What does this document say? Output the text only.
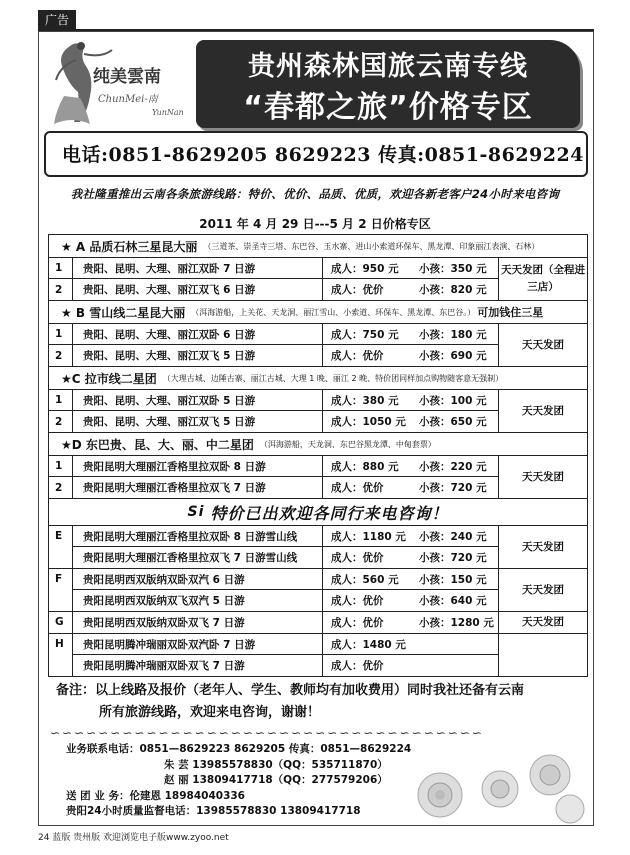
广告
纯美雲南
ChunMei-南
YunNan
贵州森林国旅云南专线
“春都之旅”价格专区
电话:0851-8629205 8629223 传真:0851-8629224
我社隆重推出云南各条旅游线路：特价、优价、品质、优质，欢迎各新老客户24小时来电咨询
2011 年 4 月 29 日---5 月 2 日价格专区
★ A 品质石林三星昆大丽 （三道茶、崇圣寺三塔、东巴谷、玉水寨、进山小索道环保车、黑龙潭、印象丽江表演、石林）
1	贵阳、昆明、大理、丽江双卧 7 日游	成人：950 元	小孩：350 元
2	贵阳、昆明、大理、丽江双飞 6 日游	成人：优价	小孩：820 元
天天发团（全程进三店）
★ B 雪山线二星昆大丽 （洱海游船，上关花、天龙洞、丽江雪山、小索道、环保车、黑龙潭、东巴谷。） 可加钱住三星
1	贵阳、昆明、大理、丽江双卧 6 日游	成人：750 元	小孩：180 元
2	贵阳、昆明、大理、丽江双飞 5 日游	成人：优价	小孩：690 元
天天发团
★C 拉市线二星团 （大理古城、边陲古寨、丽江古城、大理 1 晚、丽江 2 晚、特价团同样加点购物随客意无强制）
1	贵阳、昆明、大理、丽江双卧 5 日游	成人：380 元	小孩：100 元
2	贵阳、昆明、大理、丽江双飞 5 日游	成人：1050 元	小孩：650 元
天天发团
★D 东巴贵、昆、大、丽、中二星团 （洱海游船，天龙洞、东巴谷黑龙潭、中甸套票）
1	贵阳昆明大理丽江香格里拉双卧 8 日游	成人：880 元	小孩：220 元
2	贵阳昆明大理丽江香格里拉双飞 7 日游	成人：优价	小孩：720 元
天天发团
Si 特价已出欢迎各同行来电咨询！
E	贵阳昆明大理丽江香格里拉双卧 8 日游雪山线	成人：1180 元	小孩：240 元
贵阳昆明大理丽江香格里拉双飞 7 日游雪山线	成人：优价	小孩：720 元
天天发团
F	贵阳昆明西双版纳双卧双汽 6 日游	成人：560 元	小孩：150 元
贵阳昆明西双版纳双飞双汽 5 日游	成人：优价	小孩：640 元
天天发团
G	贵阳昆明西双版纳双卧双飞 7 日游	成人：优价	小孩：1280 元	天天发团
H	贵阳昆明腾冲瑞丽双卧双汽卧 7 日游	成人：1480 元
贵阳昆明腾冲瑞丽双卧双飞 7 日游	成人：优价
备注：以上线路及报价（老年人、学生、教师均有加收费用）同时我社还备有云南
所有旅游线路，欢迎来电咨询，谢谢！
∽∽∽∽∽∽∽∽∽∽∽∽∽∽∽∽∽∽∽∽∽∽∽∽∽∽∽∽∽∽∽∽∽∽∽∽
业务联系电话：0851—8629223 8629205 传真：0851—8629224
朱 芸 13985578830（QQ：535711870）
赵 丽 13809417718（QQ：277579206）
送 团 业 务：伦建恩 18984040336
贵阳24小时质量监督电话：13985578830 13809417718
24 蓝版 贵州版 欢迎浏览电子版www.zyoo.net
